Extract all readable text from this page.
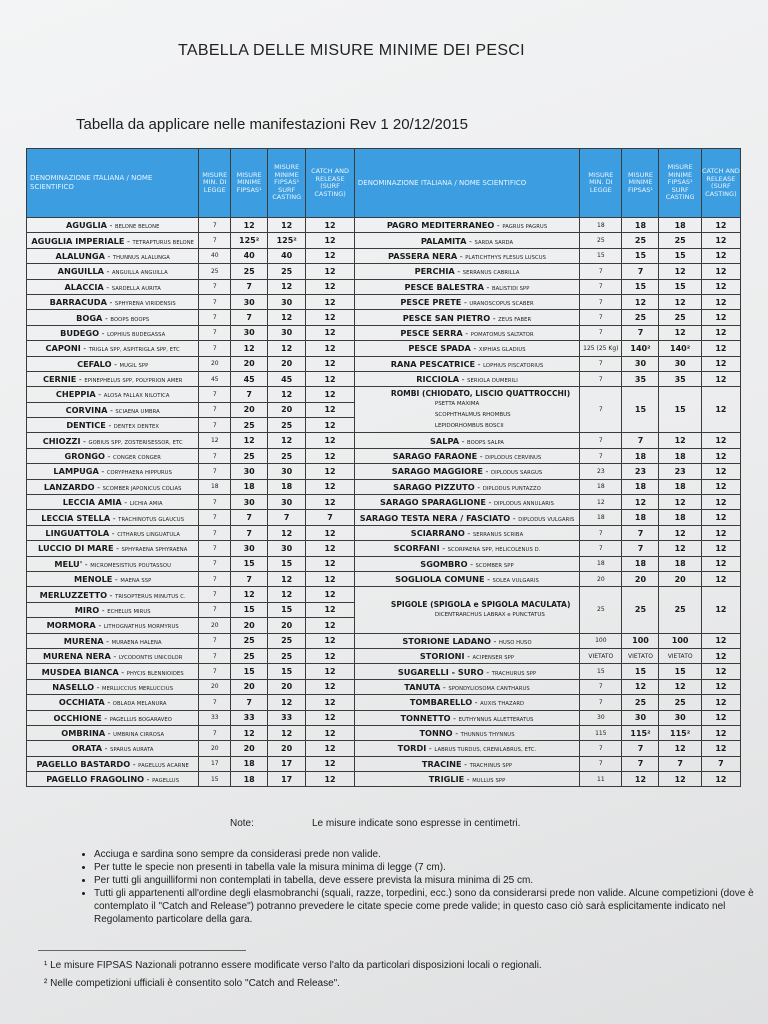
TABELLA DELLE MISURE MINIME DEI PESCI
Tabella da applicare nelle manifestazioni Rev 1 20/12/2015
DENOMINAZIONE ITALIANA / NOME SCIENTIFICO	MISURE MIN. DI LEGGE	MISURE MINIME FIPSAS¹	MISURE MINIME FIPSAS¹ SURF CASTING	CATCH AND RELEASE (SURF CASTING)	DENOMINAZIONE ITALIANA / NOME SCIENTIFICO	MISURE MIN. DI LEGGE	MISURE MINIME FIPSAS¹	MISURE MINIME FIPSAS¹ SURF CASTING	CATCH AND RELEASE (SURF CASTING)
AGUGLIA - BELONE BELONE	7	12	12	12	PAGRO MEDITERRANEO - PAGRUS PAGRUS	18	18	18	12
AGUGLIA IMPERIALE - TETRAPTURUS BELONE	7	125²	125²	12	PALAMITA - SARDA SARDA	25	25	25	12
ALALUNGA - THUNNUS ALALUNGA	40	40	40	12	PASSERA NERA - PLATICHTHYS FLESUS LUSCUS	15	15	15	12
ANGUILLA - ANGUILLA ANGUILLA	25	25	25	12	PERCHIA - SERRANUS CABRILLA	7	7	12	12
ALACCIA - SARDELLA AURITA	7	7	12	12	PESCE BALESTRA - BALISTIDI SPP	7	15	15	12
BARRACUDA - SPHYRENA VIRIDENSIS	7	30	30	12	PESCE PRETE - URANOSCOPUS SCABER	7	12	12	12
BOGA - BOOPS BOOPS	7	7	12	12	PESCE SAN PIETRO - ZEUS FABER	7	25	25	12
BUDEGO - LOPHIUS BUDEGASSA	7	30	30	12	PESCE SERRA - POMATOMUS SALTATOR	7	7	12	12
CAPONI - TRIGLA SPP, ASPITRIGLA SPP, ETC	7	12	12	12	PESCE SPADA - XIPHIAS GLADIUS	125 (25 Kg)	140²	140²	12
CEFALO - MUGIL SPP	20	20	20	12	RANA PESCATRICE - LOPHIUS PISCATORIUS	7	30	30	12
CERNIE - EPINEPHELUS SPP, POLYPRION AMER	45	45	45	12	RICCIOLA - SERIOLA DUMERILI	7	35	35	12
CHEPPIA - ALOSA FALLAX NILOTICA	7	7	12	12	ROMBI (CHIODATO, LISCIO QUATTROCCHI)
PSETTA MAXIMA
SCOPHTHALMUS RHOMBUS
LEPIDORHOMBUS BOSCII	7	15	15	12
CORVINA - SCIAENA UMBRA	7	20	20	12					
DENTICE - DENTEX DENTEX	7	25	25	12					

CHIOZZI - GOBIUS SPP, ZOSTERISESSOR, ETC	12	12	12	12	SALPA - BOOPS SALPA	7	7	12	12
GRONGO - CONGER CONGER	7	25	25	12	SARAGO FARAONE - DIPLODUS CERVINUS	7	18	18	12
LAMPUGA - CORYPHAENA HIPPURUS	7	30	30	12	SARAGO MAGGIORE - DIPLODUS SARGUS	23	23	23	12
LANZARDO - SCOMBER JAPONICUS COLIAS	18	18	18	12	SARAGO PIZZUTO - DIPLODUS PUNTAZZO	18	18	18	12
LECCIA AMIA - LICHIA AMIA	7	30	30	12	SARAGO SPARAGLIONE - DIPLODUS ANNULARIS	12	12	12	12
LECCIA STELLA - TRACHINOTUS GLAUCUS	7	7	7	7	SARAGO TESTA NERA / FASCIATO - DIPLODUS VULGARIS	18	18	18	12
LINGUATTOLA - CITHARUS LINGUATULA	7	7	12	12	SCIARRANO - SERRANUS SCRIBA	7	7	12	12
LUCCIO DI MARE - SPHYRAENA SPHYRAENA	7	30	30	12	SCORFANI - SCORPAENA SPP, HELICOLENUS D.	7	7	12	12
MELU' - MICROMESISTIUS POUTASSOU	7	15	15	12	SGOMBRO - SCOMBER SPP	18	18	18	12
MENOLE - MAENA SSP	7	7	12	12	SOGLIOLA COMUNE - SOLEA VULGARIS	20	20	20	12
MERLUZZETTO - TRISOPTERUS MINUTUS C.	7	12	12	12	SPIGOLE (SPIGOLA e SPIGOLA MACULATA)
DICENTRARCHUS LABRAX e PUNCTATUS	25	25	25	12
MIRO - ECHELUS MIRUS	7	15	15	12					
MORMORA - LITHOGNATHUS MORMYRUS	20	20	20	12					
MURENA - MURAENA HALENA	7	25	25	12	STORIONE LADANO - HUSO HUSO	100	100	100	12
MURENA NERA - LYCODONTIS UNICOLOR	7	25	25	12	STORIONI - ACIPENSER SPP	VIETATO	VIETATO	VIETATO	12
MUSDEA BIANCA - PHYCIS BLENNIOIDES	7	15	15	12	SUGARELLI - SURO - TRACHURUS SPP	15	15	15	12
NASELLO - MERLUCCIUS MERLUCCIUS	20	20	20	12	TANUTA - SPONDYLIOSOMA CANTHARUS	7	12	12	12
OCCHIATA - OBLADA MELANURA	7	7	12	12	TOMBARELLO - AUXIS THAZARD	7	25	25	12
OCCHIONE - PAGELLUS BOGARAVEO	33	33	33	12	TONNETTO - EUTHYNNUS ALLETTERATUS	30	30	30	12
OMBRINA - UMBRINA CIRROSA	7	12	12	12	TONNO - THUNNUS THYNNUS	115	115²	115²	12
ORATA - SPARUS AURATA	20	20	20	12	TORDI - LABRUS TURDUS, CRENILABRUS, ETC.	7	7	12	12
PAGELLO BASTARDO - PAGELLUS ACARNE	17	18	17	12	TRACINE - TRACHINUS SPP	7	7	7	7
PAGELLO FRAGOLINO - PAGELLUS	15	18	17	12	TRIGLIE - MULLUS SPP	11	12	12	12
Note:	Le misure indicate sono espresse in centimetri.
• Acciuga e sardina sono sempre da considerasi prede non valide.
• Per tutte le specie non presenti in tabella vale la misura minima di legge (7 cm).
• Per tutti gli anguilliformi non contemplati in tabella, deve essere prevista la misura minima di 25 cm.
• Tutti gli appartenenti all'ordine degli elasmobranchi (squali, razze, torpedini, ecc.) sono da considerarsi prede non valide. Alcune competizioni (dove è contemplato il "Catch and Release") potranno prevedere le citate specie come prede valide; in questo caso ciò sarà esplicitamente indicato nel Regolamento particolare della gara.
¹ Le misure FIPSAS Nazionali potranno essere modificate verso l'alto da particolari disposizioni locali o regionali.
² Nelle competizioni ufficiali è consentito solo "Catch and Release".
